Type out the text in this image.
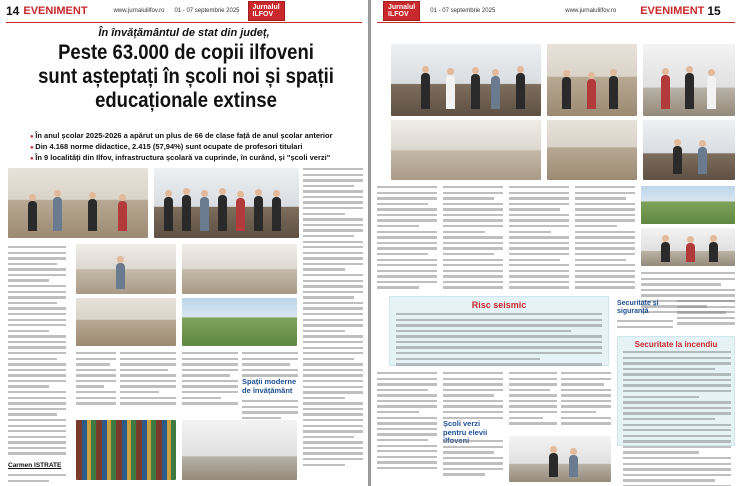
14 EVENIMENT	www.jurnalulilfov.ro 01 - 07 septembrie 2025
Jurnalul
ILFOV
În învățământul de stat din județ,
Peste 63.000 de copii ilfoveni
sunt așteptați în școli noi și spații
educaționale extinse
● În anul școlar 2025-2026 a apărut un plus de 66 de clase față de anul școlar anterior
● Din 4.168 norme didactice, 2.415 (57,94%) sunt ocupate de profesori titulari
● În 9 localități din Ilfov, infrastructura școlară va cuprinde, în curând, și "școli verzi"
Spații moderne de învățământ
Carmen ISTRATE
Jurnalul
ILFOV	01 - 07 septembrie 2025	www.jurnalulilfov.ro EVENIMENT 15
Securitate și siguranță
Risc seismic
Școli verzi pentru elevii
Securitate la incendiu
